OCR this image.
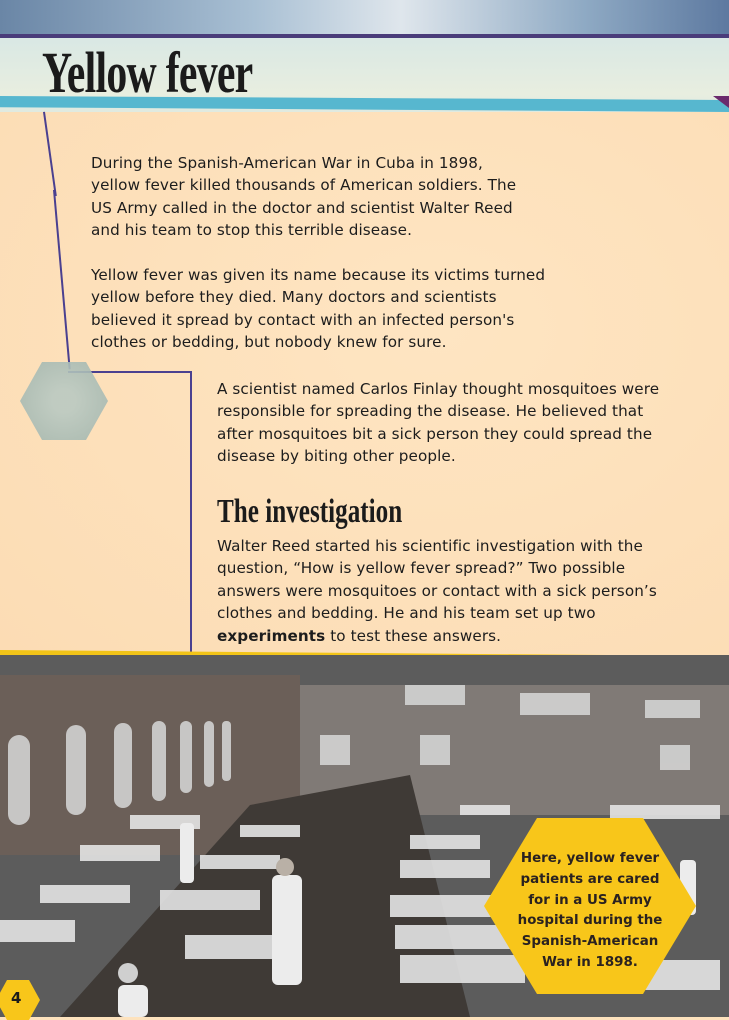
Yellow fever

During the Spanish-American War in Cuba in 1898, yellow fever killed thousands of American soldiers. The US Army called in the doctor and scientist Walter Reed and his team to stop this terrible disease.

Yellow fever was given its name because its victims turned yellow before they died. Many doctors and scientists believed it spread by contact with an infected person's clothes or bedding, but nobody knew for sure.

A scientist named Carlos Finlay thought mosquitoes were responsible for spreading the disease. He believed that after mosquitoes bit a sick person they could spread the disease by biting other people.

The investigation

Walter Reed started his scientific investigation with the question, “How is yellow fever spread?” Two possible answers were mosquitoes or contact with a sick person’s clothes and bedding. He and his team set up two experiments to test these answers.

Here, yellow fever patients are cared for in a US Army hospital during the Spanish-American War in 1898.

4
